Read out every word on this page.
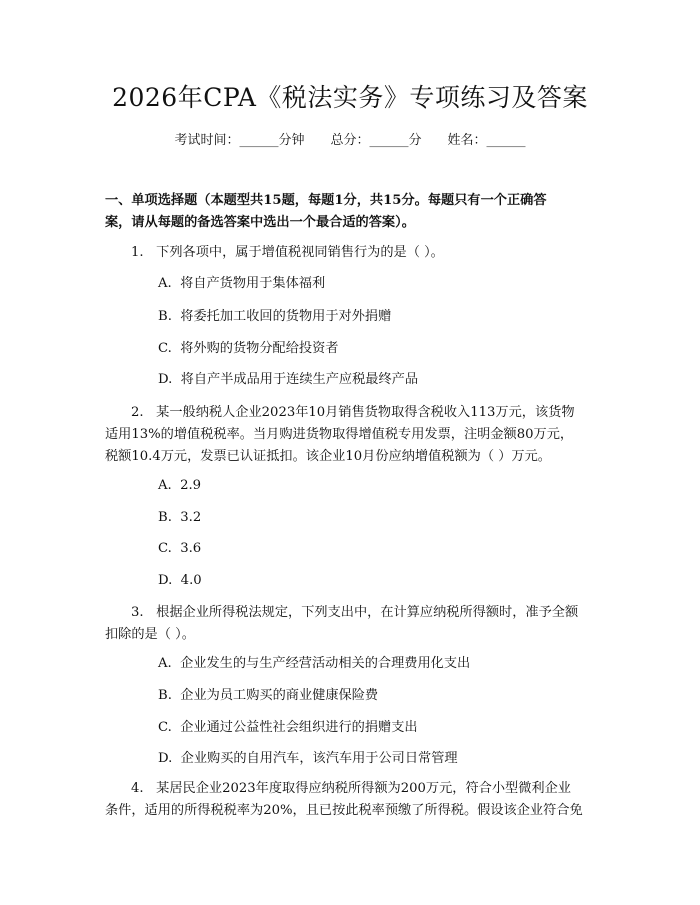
2026年CPA《税法实务》专项练习及答案
考试时间：______分钟 总分：______分 姓名：______
一、单项选择题（本题型共15题，每题1分，共15分。每题只有一个正确答
案，请从每题的备选答案中选出一个最合适的答案）。
1.   下列各项中，属于增值税视同销售行为的是（ ）。
A.  将自产货物用于集体福利
B.  将委托加工收回的货物用于对外捐赠
C.  将外购的货物分配给投资者
D.  将自产半成品用于连续生产应税最终产品
2.   某一般纳税人企业2023年10月销售货物取得含税收入113万元，该货物
适用13%的增值税税率。当月购进货物取得增值税专用发票，注明金额80万元，
税额10.4万元，发票已认证抵扣。该企业10月份应纳增值税额为（ ）万元。
A.  2.9
B.  3.2
C.  3.6
D.  4.0
3.   根据企业所得税法规定，下列支出中，在计算应纳税所得额时，准予全额
扣除的是（ ）。
A.  企业发生的与生产经营活动相关的合理费用化支出
B.  企业为员工购买的商业健康保险费
C.  企业通过公益性社会组织进行的捐赠支出
D.  企业购买的自用汽车，该汽车用于公司日常管理
4.   某居民企业2023年度取得应纳税所得额为200万元，符合小型微利企业
条件，适用的所得税税率为20%，且已按此税率预缴了所得税。假设该企业符合免
